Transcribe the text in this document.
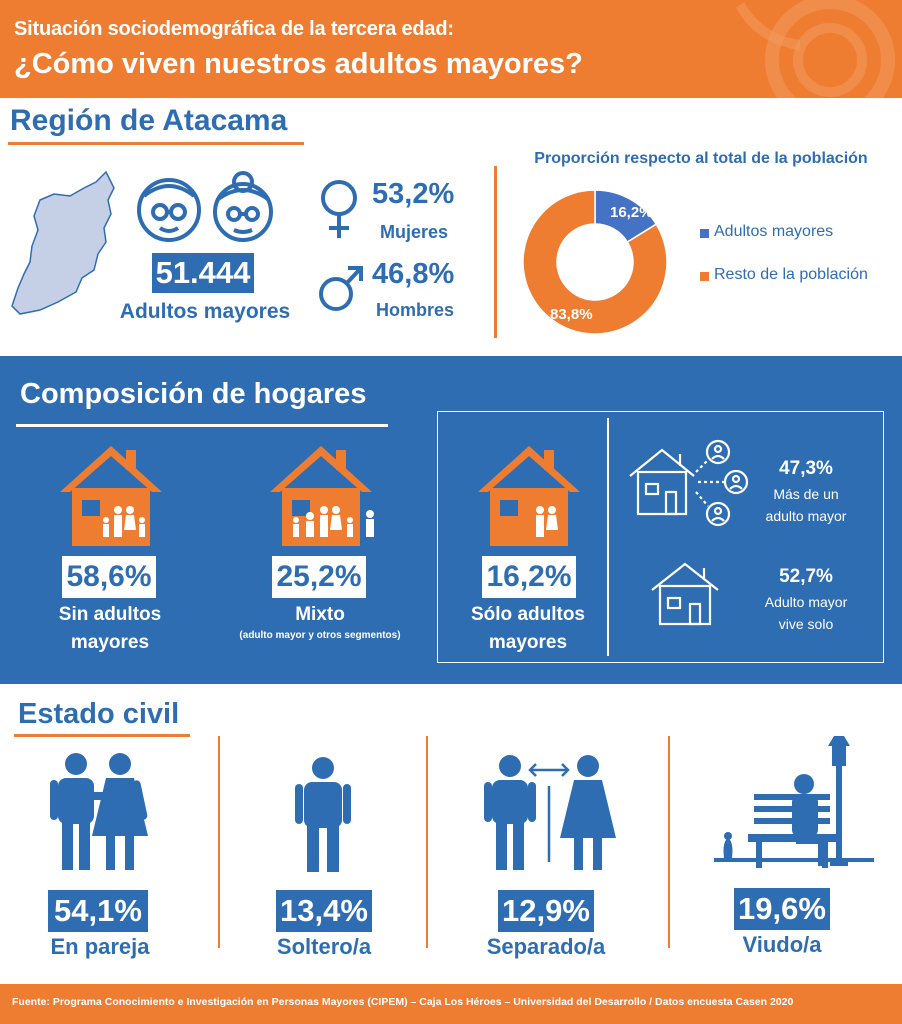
Situación sociodemográfica de la tercera edad:
¿Cómo viven nuestros adultos mayores?
Región de Atacama
51.444
Adultos mayores
53,2%
Mujeres
46,8%
Hombres
Proporción respecto al total de la población
16,2%
83,8%
Adultos mayores
Resto de la población
Composición de hogares
58,6%
Sin adultos
mayores
25,2%
Mixto
(adulto mayor y otros segmentos)
16,2%
Sólo adultos
mayores
47,3%
Más de un
adulto mayor
52,7%
Adulto mayor
vive solo
Estado civil
54,1%
En pareja
13,4%
Soltero/a
12,9%
Separado/a
19,6%
Viudo/a
Fuente: Programa Conocimiento e Investigación en Personas Mayores (CIPEM) – Caja Los Héroes – Universidad del Desarrollo / Datos encuesta Casen 2020
